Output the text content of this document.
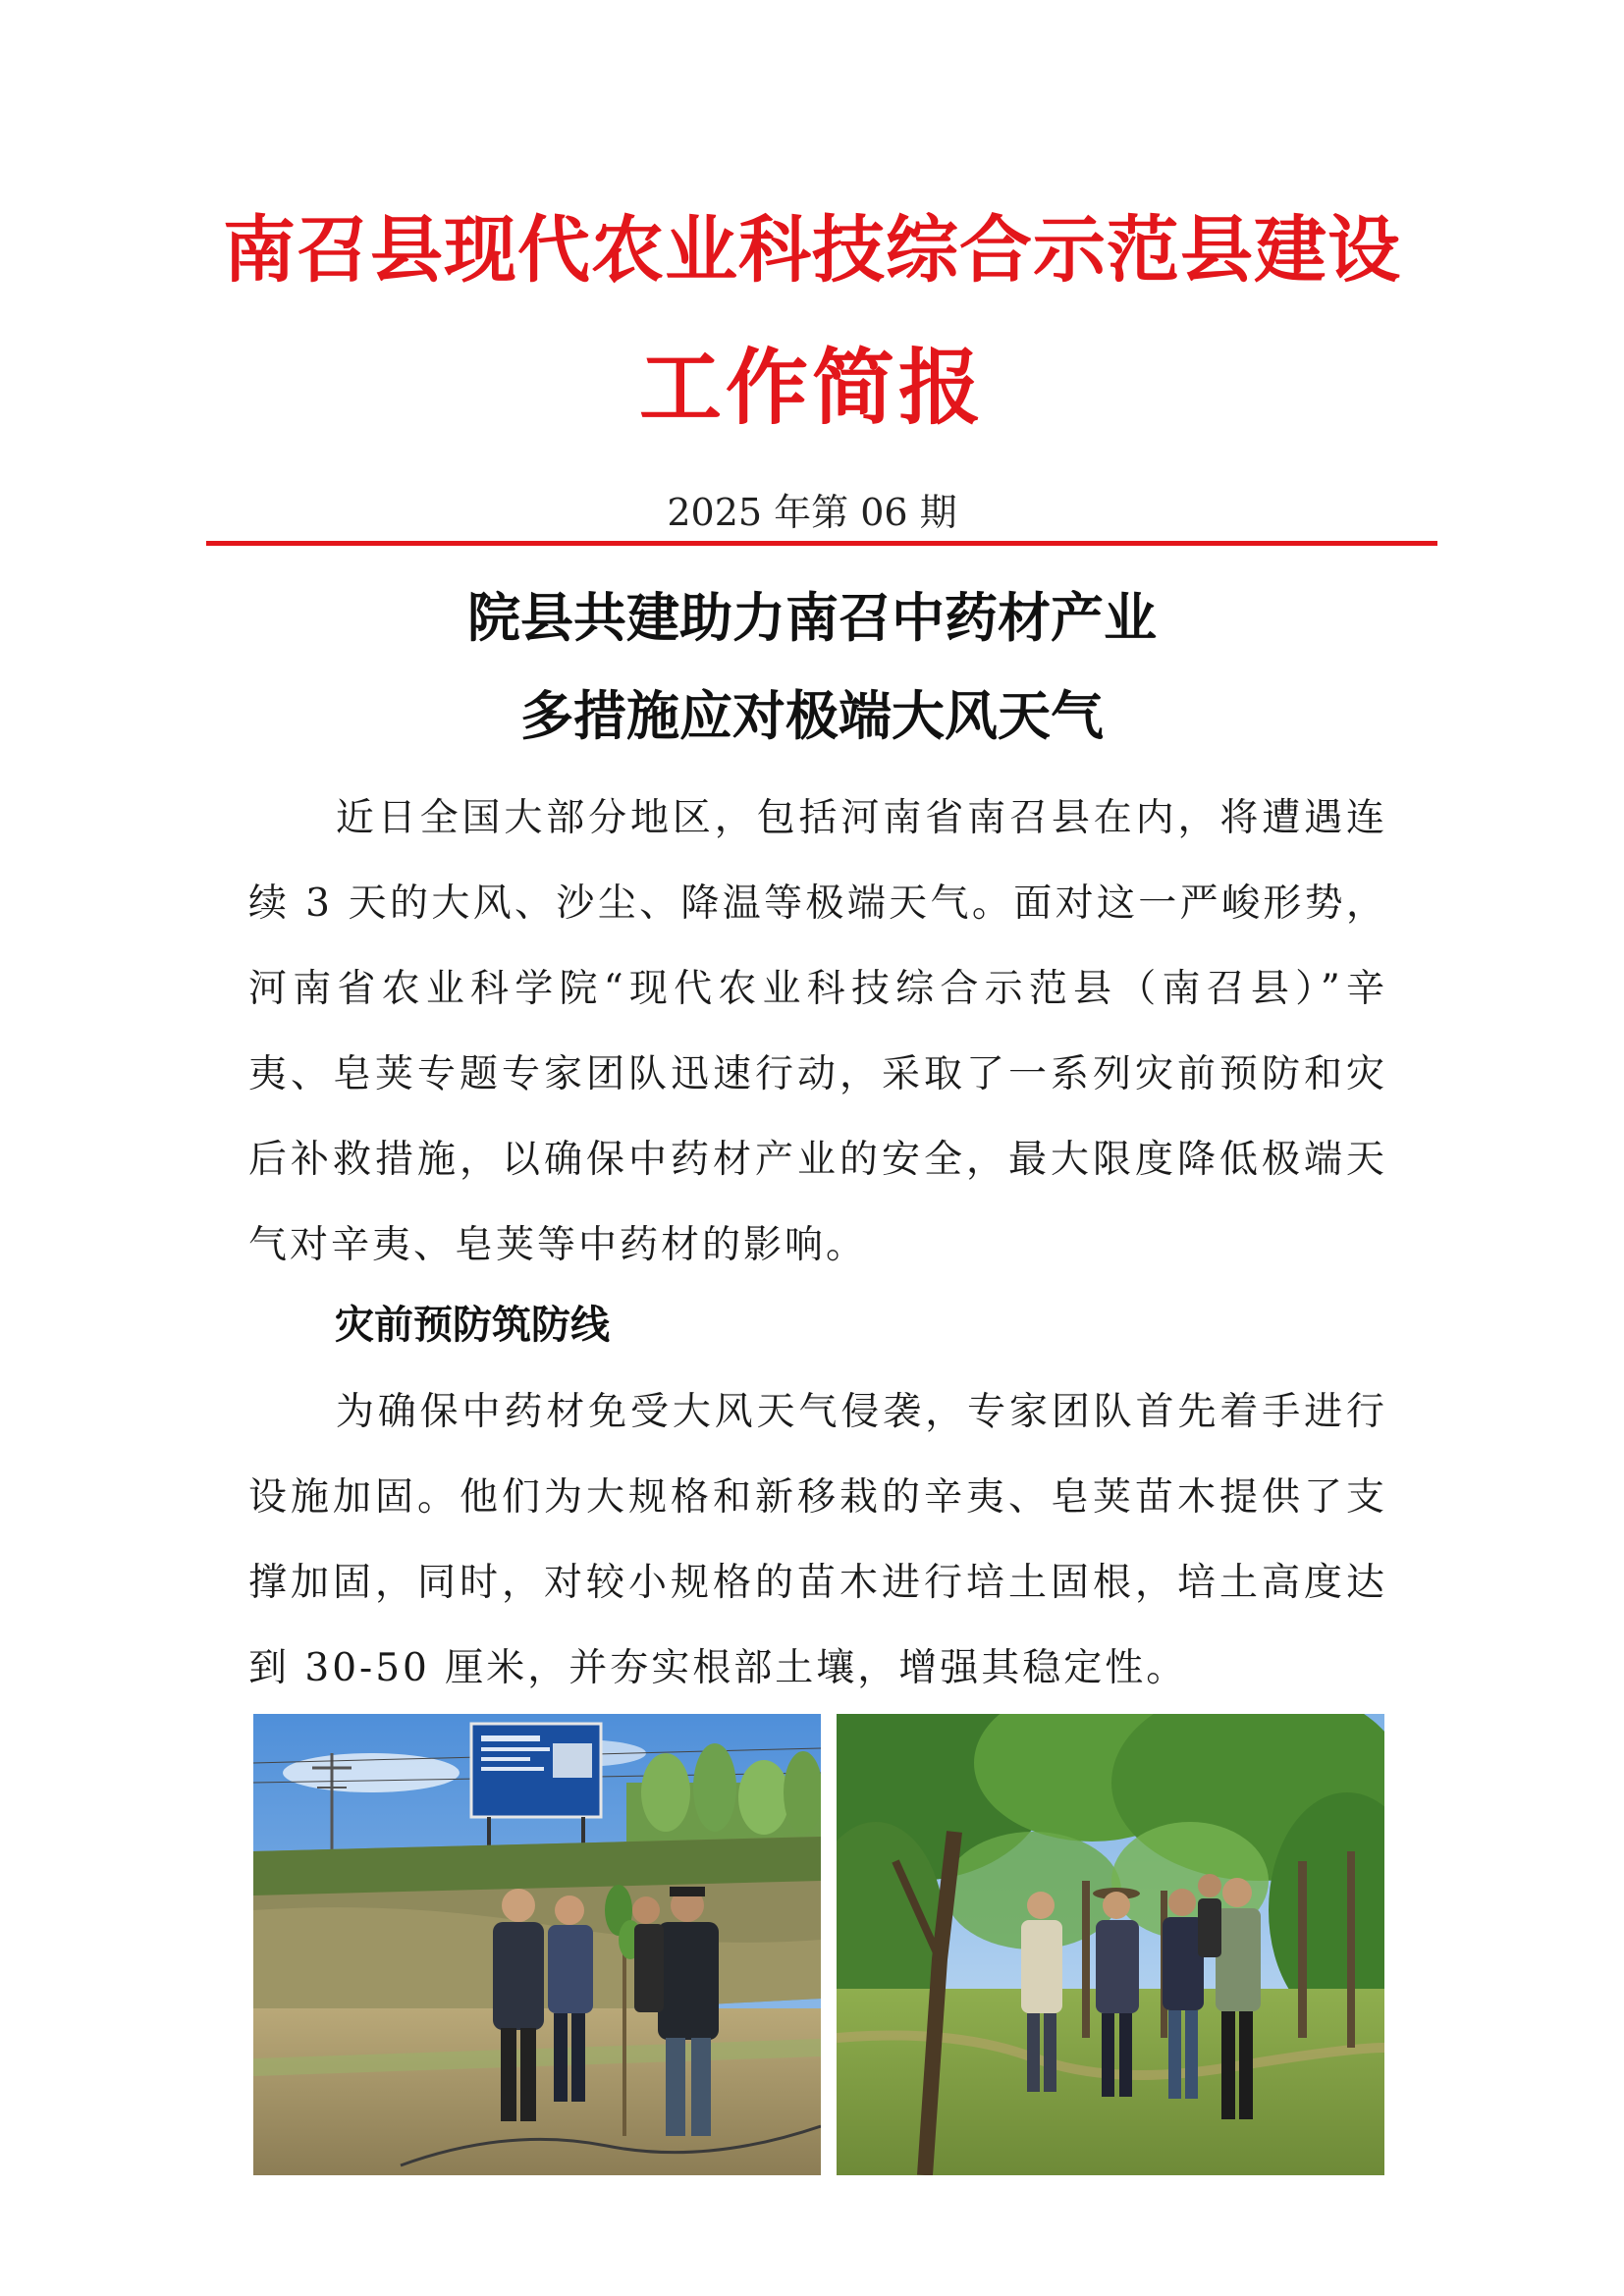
南召县现代农业科技综合示范县建设
工作简报
2025 年第 06 期
院县共建助力南召中药材产业
多措施应对极端大风天气

近日全国大部分地区，包括河南省南召县在内，将遭遇连续 3 天的大风、沙尘、降温等极端天气。面对这一严峻形势，河南省农业科学院“现代农业科技综合示范县（南召县）”辛夷、皂荚专题专家团队迅速行动，采取了一系列灾前预防和灾后补救措施，以确保中药材产业的安全，最大限度降低极端天气对辛夷、皂荚等中药材的影响。

灾前预防筑防线

为确保中药材免受大风天气侵袭，专家团队首先着手进行设施加固。他们为大规格和新移栽的辛夷、皂荚苗木提供了支撑加固，同时，对较小规格的苗木进行培土固根，培土高度达到 30-50 厘米，并夯实根部土壤，增强其稳定性。
